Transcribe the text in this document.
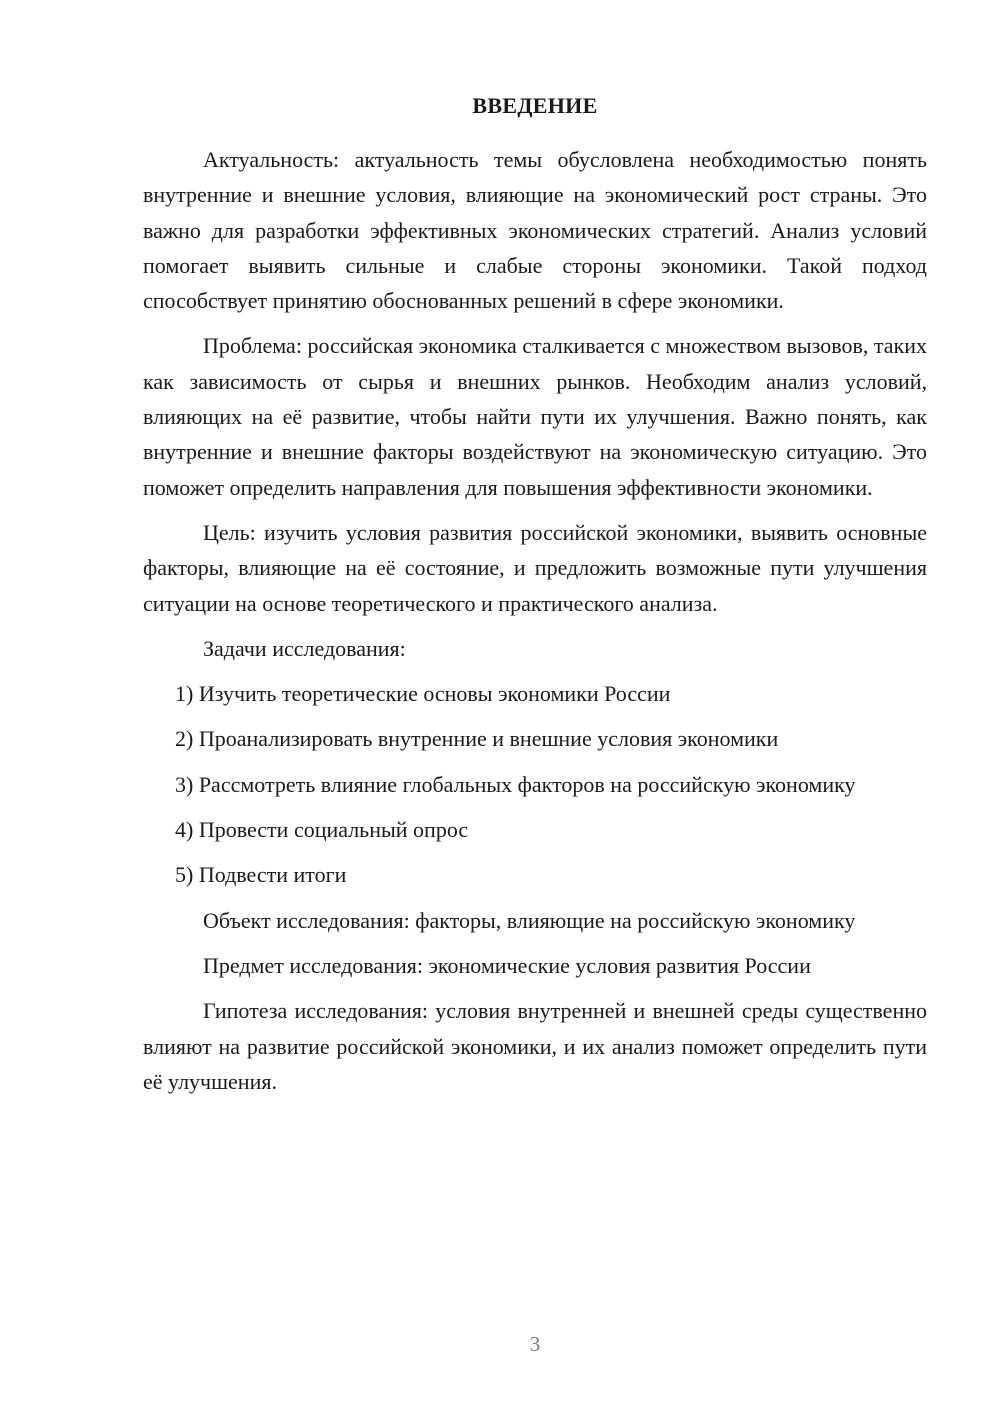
ВВЕДЕНИЕ

Актуальность: актуальность темы обусловлена необходимостью понять внутренние и внешние условия, влияющие на экономический рост страны. Это важно для разработки эффективных экономических стратегий. Анализ условий помогает выявить сильные и слабые стороны экономики. Такой подход способствует принятию обоснованных решений в сфере экономики.

Проблема: российская экономика сталкивается с множеством вызовов, таких как зависимость от сырья и внешних рынков. Необходим анализ условий, влияющих на её развитие, чтобы найти пути их улучшения. Важно понять, как внутренние и внешние факторы воздействуют на экономическую ситуацию. Это поможет определить направления для повышения эффективности экономики.

Цель: изучить условия развития российской экономики, выявить основные факторы, влияющие на её состояние, и предложить возможные пути улучшения ситуации на основе теоретического и практического анализа.

Задачи исследования:

1) Изучить теоретические основы экономики России

2) Проанализировать внутренние и внешние условия экономики

3) Рассмотреть влияние глобальных факторов на российскую экономику

4) Провести социальный опрос

5) Подвести итоги

Объект исследования: факторы, влияющие на российскую экономику

Предмет исследования: экономические условия развития России

Гипотеза исследования: условия внутренней и внешней среды существенно влияют на развитие российской экономики, и их анализ поможет определить пути её улучшения.

3
